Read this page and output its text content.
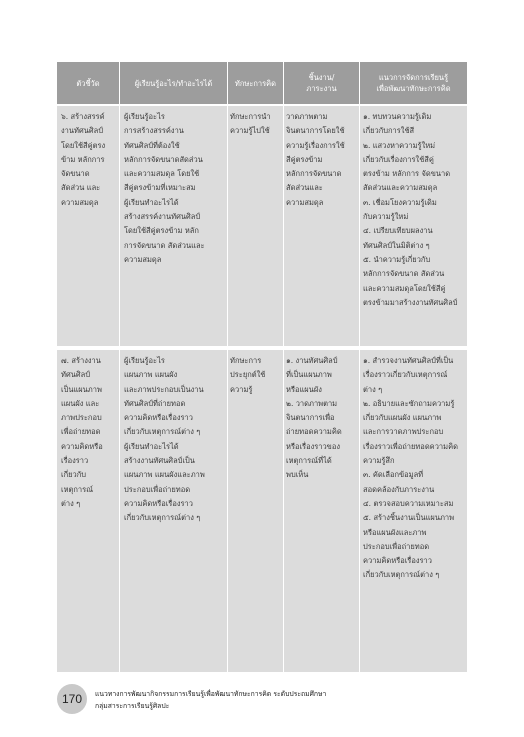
ตัวชี้วัด	ผู้เรียนรู้อะไร/ทำอะไรได้	ทักษะการคิด
ชิ้นงาน/
ภาระงาน
แนวการจัดการเรียนรู้
เพื่อพัฒนาทักษะการคิด
๖. สร้างสรรค์
งานทัศนศิลป์
โดยใช้สีคู่ตรง
ข้าม หลักการ
จัดขนาด
สัดส่วน และ
ความสมดุล
ผู้เรียนรู้อะไร
การสร้างสรรค์งาน
ทัศนศิลป์ที่ต้องใช้
หลักการจัดขนาดสัดส่วน
และความสมดุล โดยใช้
สีคู่ตรงข้ามที่เหมาะสม
ผู้เรียนทำอะไรได้
สร้างสรรค์งานทัศนศิลป์
โดยใช้สีคู่ตรงข้าม หลัก
การจัดขนาด สัดส่วนและ
ความสมดุล
ทักษะการนำ
ความรู้ไปใช้
วาดภาพตาม
จินตนาการโดยใช้
ความรู้เรื่องการใช้
สีคู่ตรงข้าม
หลักการจัดขนาด
สัดส่วนและ
ความสมดุล
๑. ทบทวนความรู้เดิม
เกี่ยวกับการใช้สี
๒. แสวงหาความรู้ใหม่
เกี่ยวกับเรื่องการใช้สีคู่
ตรงข้าม หลักการ จัดขนาด
สัดส่วนและความสมดุล
๓. เชื่อมโยงความรู้เดิม
กับความรู้ใหม่
๔. เปรียบเทียบผลงาน
ทัศนศิลป์ในมิติต่าง ๆ
๕. นำความรู้เกี่ยวกับ
หลักการจัดขนาด สัดส่วน
และความสมดุลโดยใช้สีคู่
ตรงข้ามมาสร้างงานทัศนศิลป์
๗. สร้างงาน
ทัศนศิลป์
เป็นแผนภาพ
แผนผัง และ
ภาพประกอบ
เพื่อถ่ายทอด
ความคิดหรือ
เรื่องราว
เกี่ยวกับ
เหตุการณ์
ต่าง ๆ
ผู้เรียนรู้อะไร
แผนภาพ แผนผัง
และภาพประกอบเป็นงาน
ทัศนศิลป์ที่ถ่ายทอด
ความคิดหรือเรื่องราว
เกี่ยวกับเหตุการณ์ต่าง ๆ
ผู้เรียนทำอะไรได้
สร้างงานทัศนศิลป์เป็น
แผนภาพ แผนผังและภาพ
ประกอบเพื่อถ่ายทอด
ความคิดหรือเรื่องราว
เกี่ยวกับเหตุการณ์ต่าง ๆ
ทักษะการ
ประยุกต์ใช้
ความรู้
๑. งานทัศนศิลป์
ที่เป็นแผนภาพ
หรือแผนผัง
๒. วาดภาพตาม
จินตนาการเพื่อ
ถ่ายทอดความคิด
หรือเรื่องราวของ
เหตุการณ์ที่ได้
พบเห็น
๑. สำรวจงานทัศนศิลป์ที่เป็น
เรื่องราวเกี่ยวกับเหตุการณ์
ต่าง ๆ
๒. อธิบายและซักถามความรู้
เกี่ยวกับแผนผัง แผนภาพ
และการวาดภาพประกอบ
เรื่องราวเพื่อถ่ายทอดความคิด
ความรู้สึก
๓. คัดเลือกข้อมูลที่
สอดคล้องกับภาระงาน
๔. ตรวจสอบความเหมาะสม
๕. สร้างชิ้นงานเป็นแผนภาพ
หรือแผนผังและภาพ
ประกอบเพื่อถ่ายทอด
ความคิดหรือเรื่องราว
เกี่ยวกับเหตุการณ์ต่าง ๆ
170 แนวทางการพัฒนากิจกรรมการเรียนรู้เพื่อพัฒนาทักษะการคิด ระดับประถมศึกษา
กลุ่มสาระการเรียนรู้ศิลปะ
